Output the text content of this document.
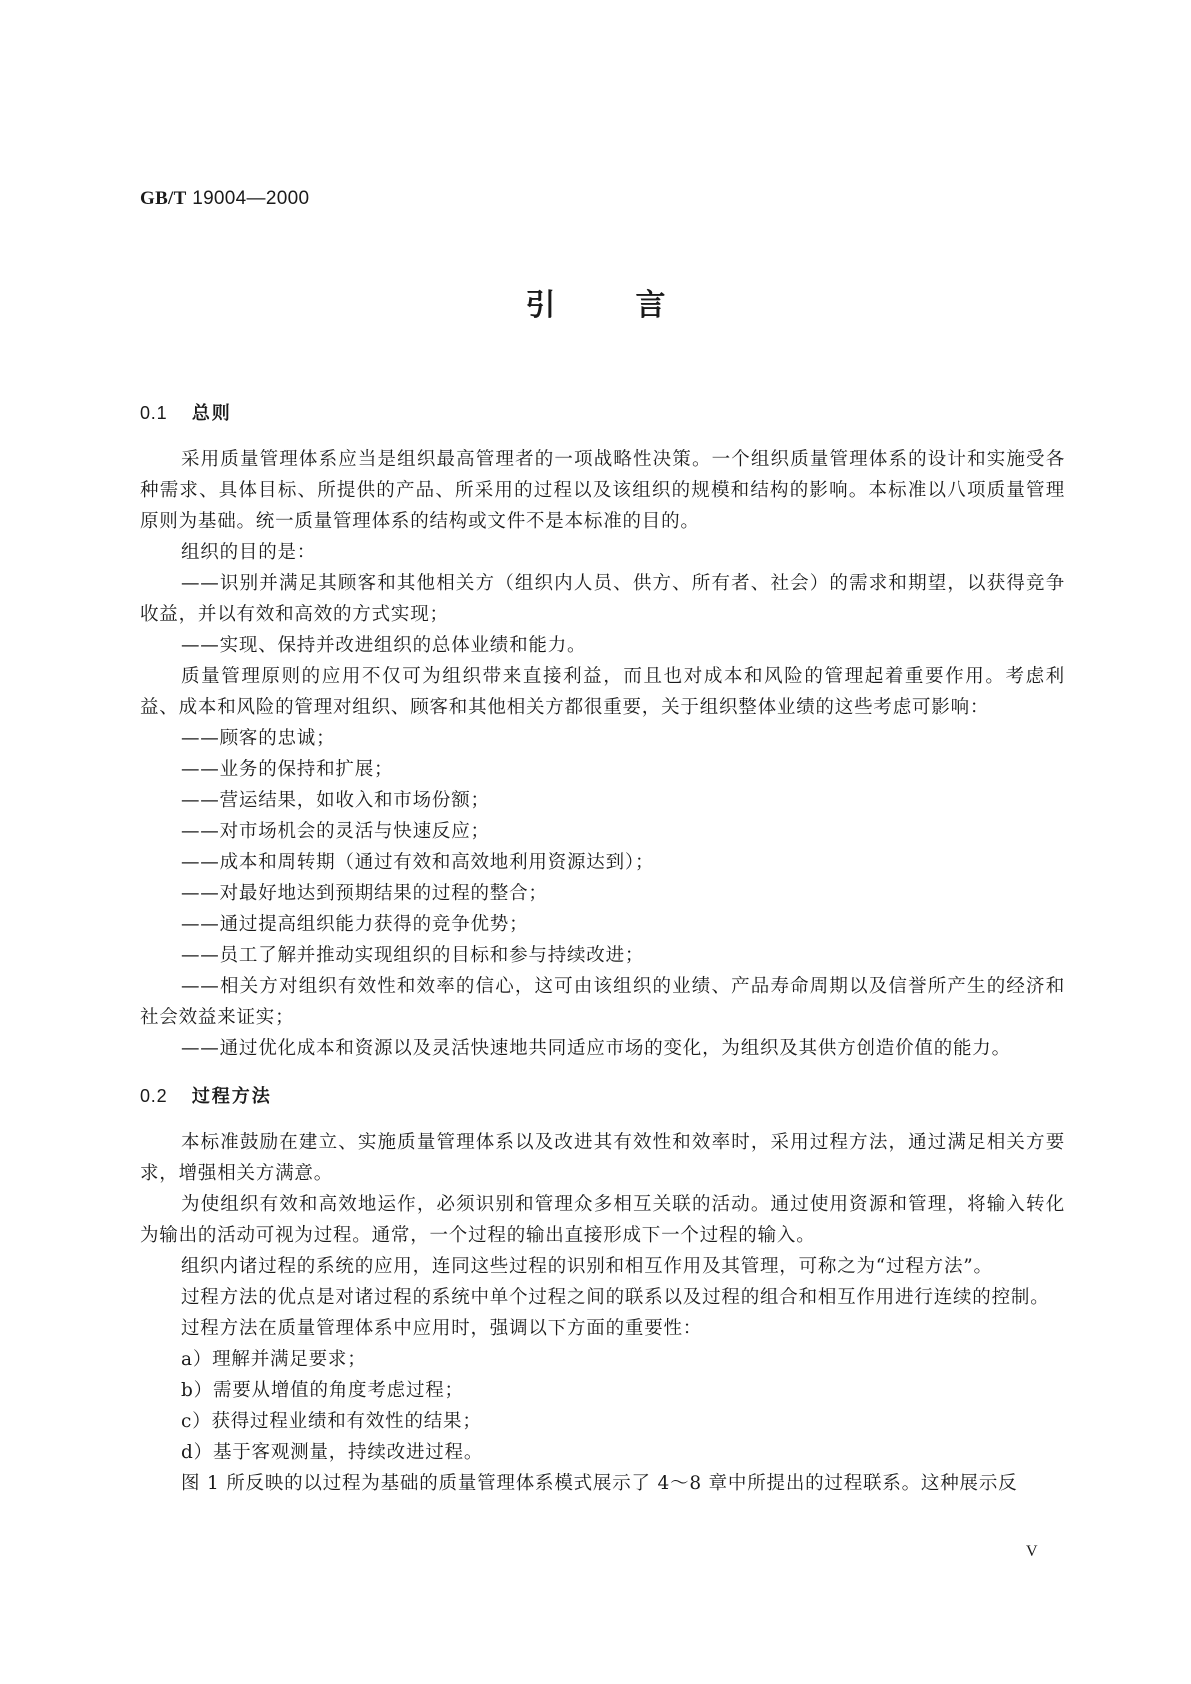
GB/T 19004—2000
引言
0.1 总则
采用质量管理体系应当是组织最高管理者的一项战略性决策。一个组织质量管理体系的设计和实施受各种需求、具体目标、所提供的产品、所采用的过程以及该组织的规模和结构的影响。本标准以八项质量管理原则为基础。统一质量管理体系的结构或文件不是本标准的目的。
组织的目的是：
——识别并满足其顾客和其他相关方（组织内人员、供方、所有者、社会）的需求和期望，以获得竞争收益，并以有效和高效的方式实现；
——实现、保持并改进组织的总体业绩和能力。
质量管理原则的应用不仅可为组织带来直接利益，而且也对成本和风险的管理起着重要作用。考虑利益、成本和风险的管理对组织、顾客和其他相关方都很重要，关于组织整体业绩的这些考虑可影响：
——顾客的忠诚；
——业务的保持和扩展；
——营运结果，如收入和市场份额；
——对市场机会的灵活与快速反应；
——成本和周转期（通过有效和高效地利用资源达到）；
——对最好地达到预期结果的过程的整合；
——通过提高组织能力获得的竞争优势；
——员工了解并推动实现组织的目标和参与持续改进；
——相关方对组织有效性和效率的信心，这可由该组织的业绩、产品寿命周期以及信誉所产生的经济和社会效益来证实；
——通过优化成本和资源以及灵活快速地共同适应市场的变化，为组织及其供方创造价值的能力。
0.2 过程方法
本标准鼓励在建立、实施质量管理体系以及改进其有效性和效率时，采用过程方法，通过满足相关方要求，增强相关方满意。
为使组织有效和高效地运作，必须识别和管理众多相互关联的活动。通过使用资源和管理，将输入转化为输出的活动可视为过程。通常，一个过程的输出直接形成下一个过程的输入。
组织内诸过程的系统的应用，连同这些过程的识别和相互作用及其管理，可称之为“过程方法”。
过程方法的优点是对诸过程的系统中单个过程之间的联系以及过程的组合和相互作用进行连续的控制。
过程方法在质量管理体系中应用时，强调以下方面的重要性：
a）理解并满足要求；
b）需要从增值的角度考虑过程；
c）获得过程业绩和有效性的结果；
d）基于客观测量，持续改进过程。
图 1 所反映的以过程为基础的质量管理体系模式展示了 4～8 章中所提出的过程联系。这种展示反
V
